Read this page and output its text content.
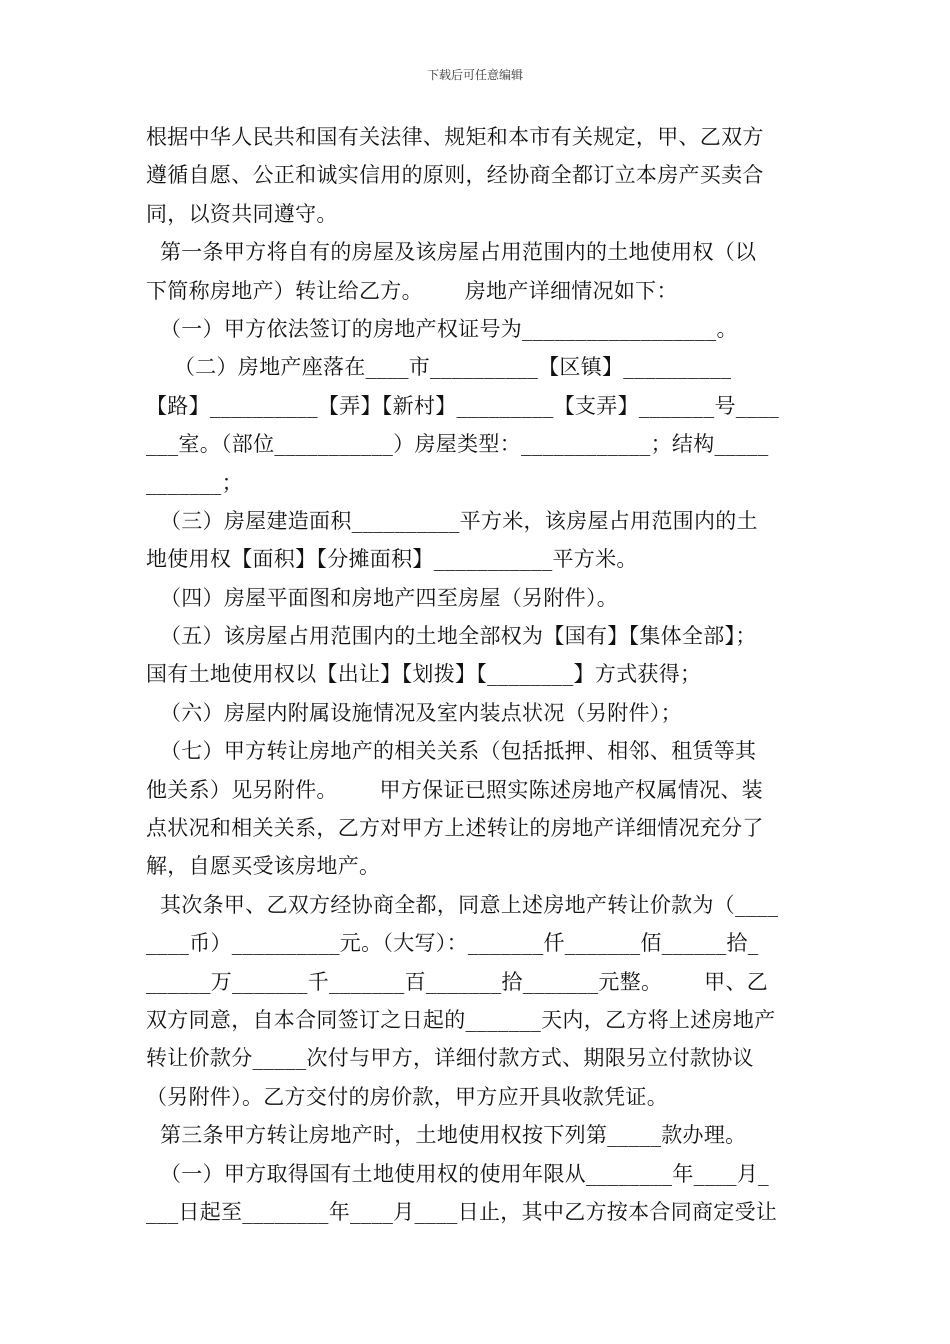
下载后可任意编辑
根据中华人民共和国有关法律、规矩和本市有关规定，甲、乙双方
遵循自愿、公正和诚实信用的原则，经协商全都订立本房产买卖合
同，以资共同遵守。
第一条甲方将自有的房屋及该房屋占用范围内的土地使用权（以
下简称房地产）转让给乙方。      房地产详细情况如下：
（一）甲方依法签订的房地产权证号为__________________。
（二）房地产座落在____市__________【区镇】__________
【路】__________【弄】【新村】_________【支弄】_______号____
___室。（部位___________）房屋类型：____________；结构_____
_______；
（三）房屋建造面积__________平方米，该房屋占用范围内的土
地使用权【面积】【分摊面积】___________平方米。
（四）房屋平面图和房地产四至房屋（另附件）。
（五）该房屋占用范围内的土地全部权为【国有】【集体全部】；
国有土地使用权以【出让】【划拨】【________】方式获得；
（六）房屋内附属设施情况及室内装点状况（另附件）；
（七）甲方转让房地产的相关关系（包括抵押、相邻、租赁等其
他关系）见另附件。      甲方保证已照实陈述房地产权属情况、装
点状况和相关关系，乙方对甲方上述转让的房地产详细情况充分了
解，自愿买受该房地产。
其次条甲、乙双方经协商全都，同意上述房地产转让价款为（____
____币）__________元。（大写）：_______仟_______佰______拾_
______万_______千_______百_______拾_______元整。      甲、乙
双方同意，自本合同签订之日起的_______天内，乙方将上述房地产
转让价款分_____次付与甲方，详细付款方式、期限另立付款协议
（另附件）。乙方交付的房价款，甲方应开具收款凭证。
第三条甲方转让房地产时，土地使用权按下列第_____款办理。
（一）甲方取得国有土地使用权的使用年限从________年____月_
___日起至________年____月____日止，其中乙方按本合同商定受让
